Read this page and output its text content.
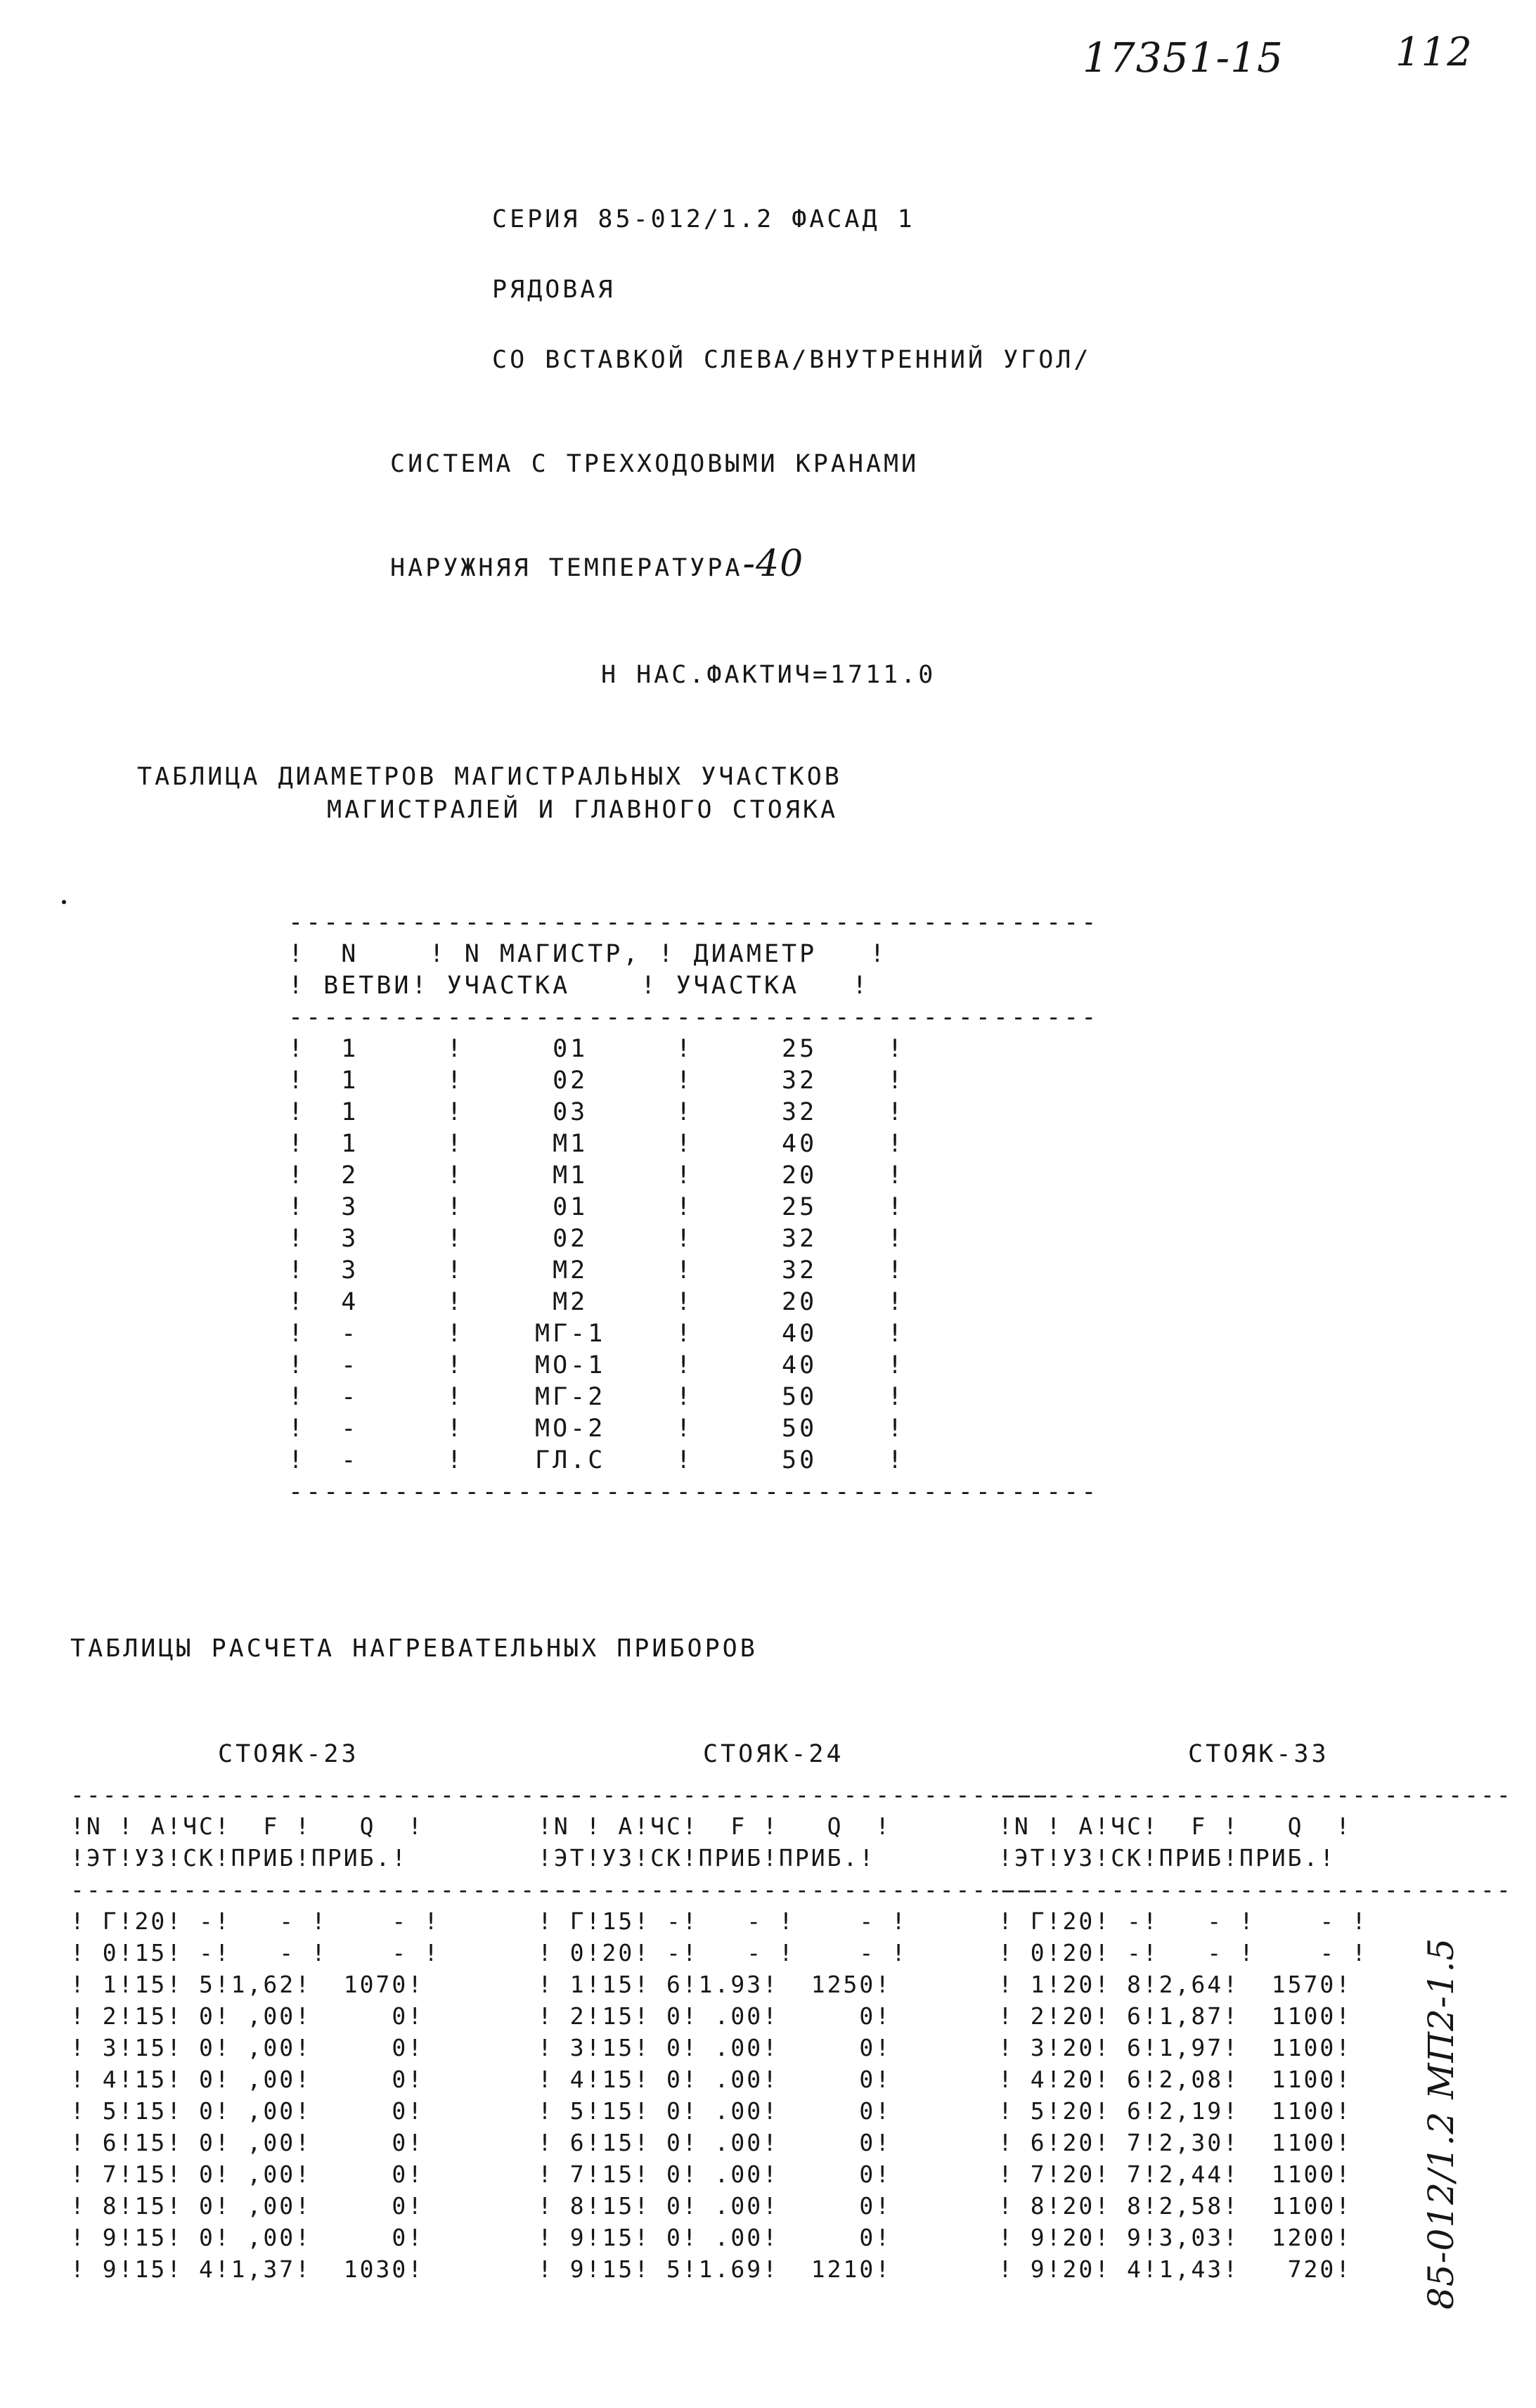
17351-15	112
85-012/1.2 МП2-1.5
СЕРИЯ 85-012/1.2 ФАСАД 1
РЯДОВАЯ
СО ВСТАВКОЙ СЛЕВА/ВНУТРЕННИЙ УГОЛ/
СИСТЕМА С ТРЕХХОДОВЫМИ КРАНАМИ
НАРУЖНЯЯ ТЕМПЕРАТУРА-40
Н НАС.ФАКТИЧ=1711.0
ТАБЛИЦА ДИАМЕТРОВ МАГИСТРАЛЬНЫХ УЧАСТКОВ
МАГИСТРАЛЕЙ И ГЛАВНОГО СТОЯКА
----------------------------------------------
!  N    ! N МАГИСТР, ! ДИАМЕТР   !
! ВЕТВИ! УЧАСТКА    ! УЧАСТКА   !
----------------------------------------------
!  1     !     01     !     25    !
!  1     !     02     !     32    !
!  1     !     03     !     32    !
!  1     !     М1     !     40    !
!  2     !     М1     !     20    !
!  3     !     01     !     25    !
!  3     !     02     !     32    !
!  3     !     М2     !     32    !
!  4     !     М2     !     20    !
!  -     !    МГ-1    !     40    !
!  -     !    МО-1    !     40    !
!  -     !    МГ-2    !     50    !
!  -     !    МО-2    !     50    !
!  -     !    ГЛ.С    !     50    !
----------------------------------------------
ТАБЛИЦЫ РАСЧЕТА НАГРЕВАТЕЛЬНЫХ ПРИБОРОВ
СТОЯК-23	СТОЯК-24	СТОЯК-33
--------------------------------
!N ! А!ЧС!  F !   Q  !
!ЭТ!УЗ!СК!ПРИБ!ПРИБ.!
--------------------------------
! Г!20! -!   - !    - !
! 0!15! -!   - !    - !
! 1!15! 5!1,62!  1070!
! 2!15! 0! ,00!     0!
! 3!15! 0! ,00!     0!
! 4!15! 0! ,00!     0!
! 5!15! 0! ,00!     0!
! 6!15! 0! ,00!     0!
! 7!15! 0! ,00!     0!
! 8!15! 0! ,00!     0!
! 9!15! 0! ,00!     0!
! 9!15! 4!1,37!  1030!
--------------------------------
!N ! А!ЧС!  F !   Q  !
!ЭТ!УЗ!СК!ПРИБ!ПРИБ.!
--------------------------------
! Г!15! -!   - !    - !
! 0!20! -!   - !    - !
! 1!15! 6!1.93!  1250!
! 2!15! 0! .00!     0!
! 3!15! 0! .00!     0!
! 4!15! 0! .00!     0!
! 5!15! 0! .00!     0!
! 6!15! 0! .00!     0!
! 7!15! 0! .00!     0!
! 8!15! 0! .00!     0!
! 9!15! 0! .00!     0!
! 9!15! 5!1.69!  1210!
--------------------------------
!N ! А!ЧС!  F !   Q  !
!ЭТ!УЗ!СК!ПРИБ!ПРИБ.!
--------------------------------
! Г!20! -!   - !    - !
! 0!20! -!   - !    - !
! 1!20! 8!2,64!  1570!
! 2!20! 6!1,87!  1100!
! 3!20! 6!1,97!  1100!
! 4!20! 6!2,08!  1100!
! 5!20! 6!2,19!  1100!
! 6!20! 7!2,30!  1100!
! 7!20! 7!2,44!  1100!
! 8!20! 8!2,58!  1100!
! 9!20! 9!3,03!  1200!
! 9!20! 4!1,43!   720!
